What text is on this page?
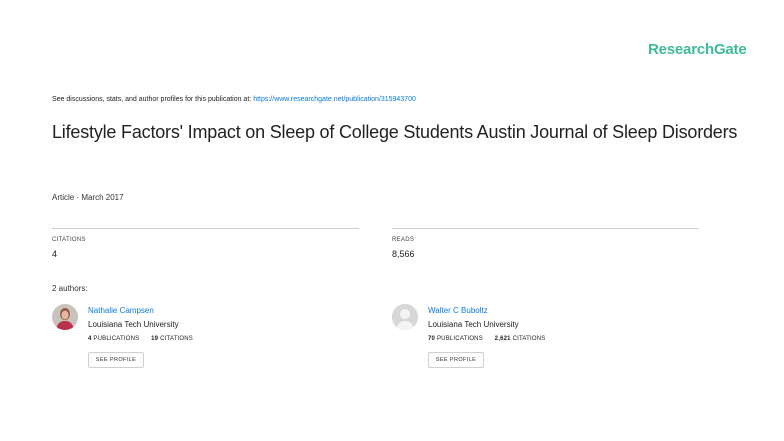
ResearchGate
See discussions, stats, and author profiles for this publication at: https://www.researchgate.net/publication/315943700
Lifestyle Factors' Impact on Sleep of College Students Austin Journal of Sleep Disorders
Article · March 2017
CITATIONS
4
READS
8,566
2 authors:
Nathalie Campsen
Louisiana Tech University
4 PUBLICATIONS 19 CITATIONS
SEE PROFILE
Walter C Buboltz
Louisiana Tech University
70 PUBLICATIONS 2,621 CITATIONS
SEE PROFILE
